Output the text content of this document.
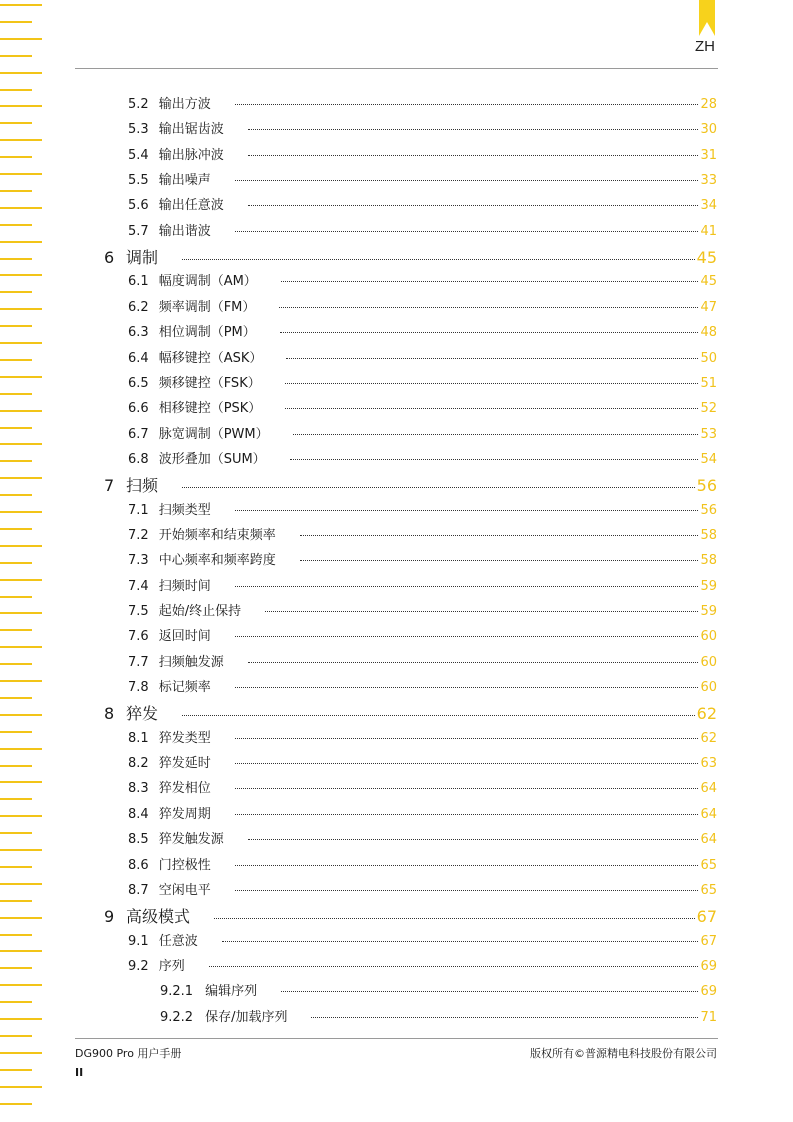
ZH
5.2 输出方波	28
5.3 输出锯齿波	30
5.4 输出脉冲波	31
5.5 输出噪声	33
5.6 输出任意波	34
5.7 输出谐波	41
6 调制	45
6.1 幅度调制（AM）	45
6.2 频率调制（FM）	47
6.3 相位调制（PM）	48
6.4 幅移键控（ASK）	50
6.5 频移键控（FSK）	51
6.6 相移键控（PSK）	52
6.7 脉宽调制（PWM）	53
6.8 波形叠加（SUM）	54
7 扫频	56
7.1 扫频类型	56
7.2 开始频率和结束频率	58
7.3 中心频率和频率跨度	58
7.4 扫频时间	59
7.5 起始/终止保持	59
7.6 返回时间	60
7.7 扫频触发源	60
7.8 标记频率	60
8 猝发	62
8.1 猝发类型	62
8.2 猝发延时	63
8.3 猝发相位	64
8.4 猝发周期	64
8.5 猝发触发源	64
8.6 门控极性	65
8.7 空闲电平	65
9 高级模式	67
9.1 任意波	67
9.2 序列	69
9.2.1 编辑序列	69
9.2.2 保存/加载序列	71
DG900 Pro 用户手册	版权所有©普源精电科技股份有限公司
II
